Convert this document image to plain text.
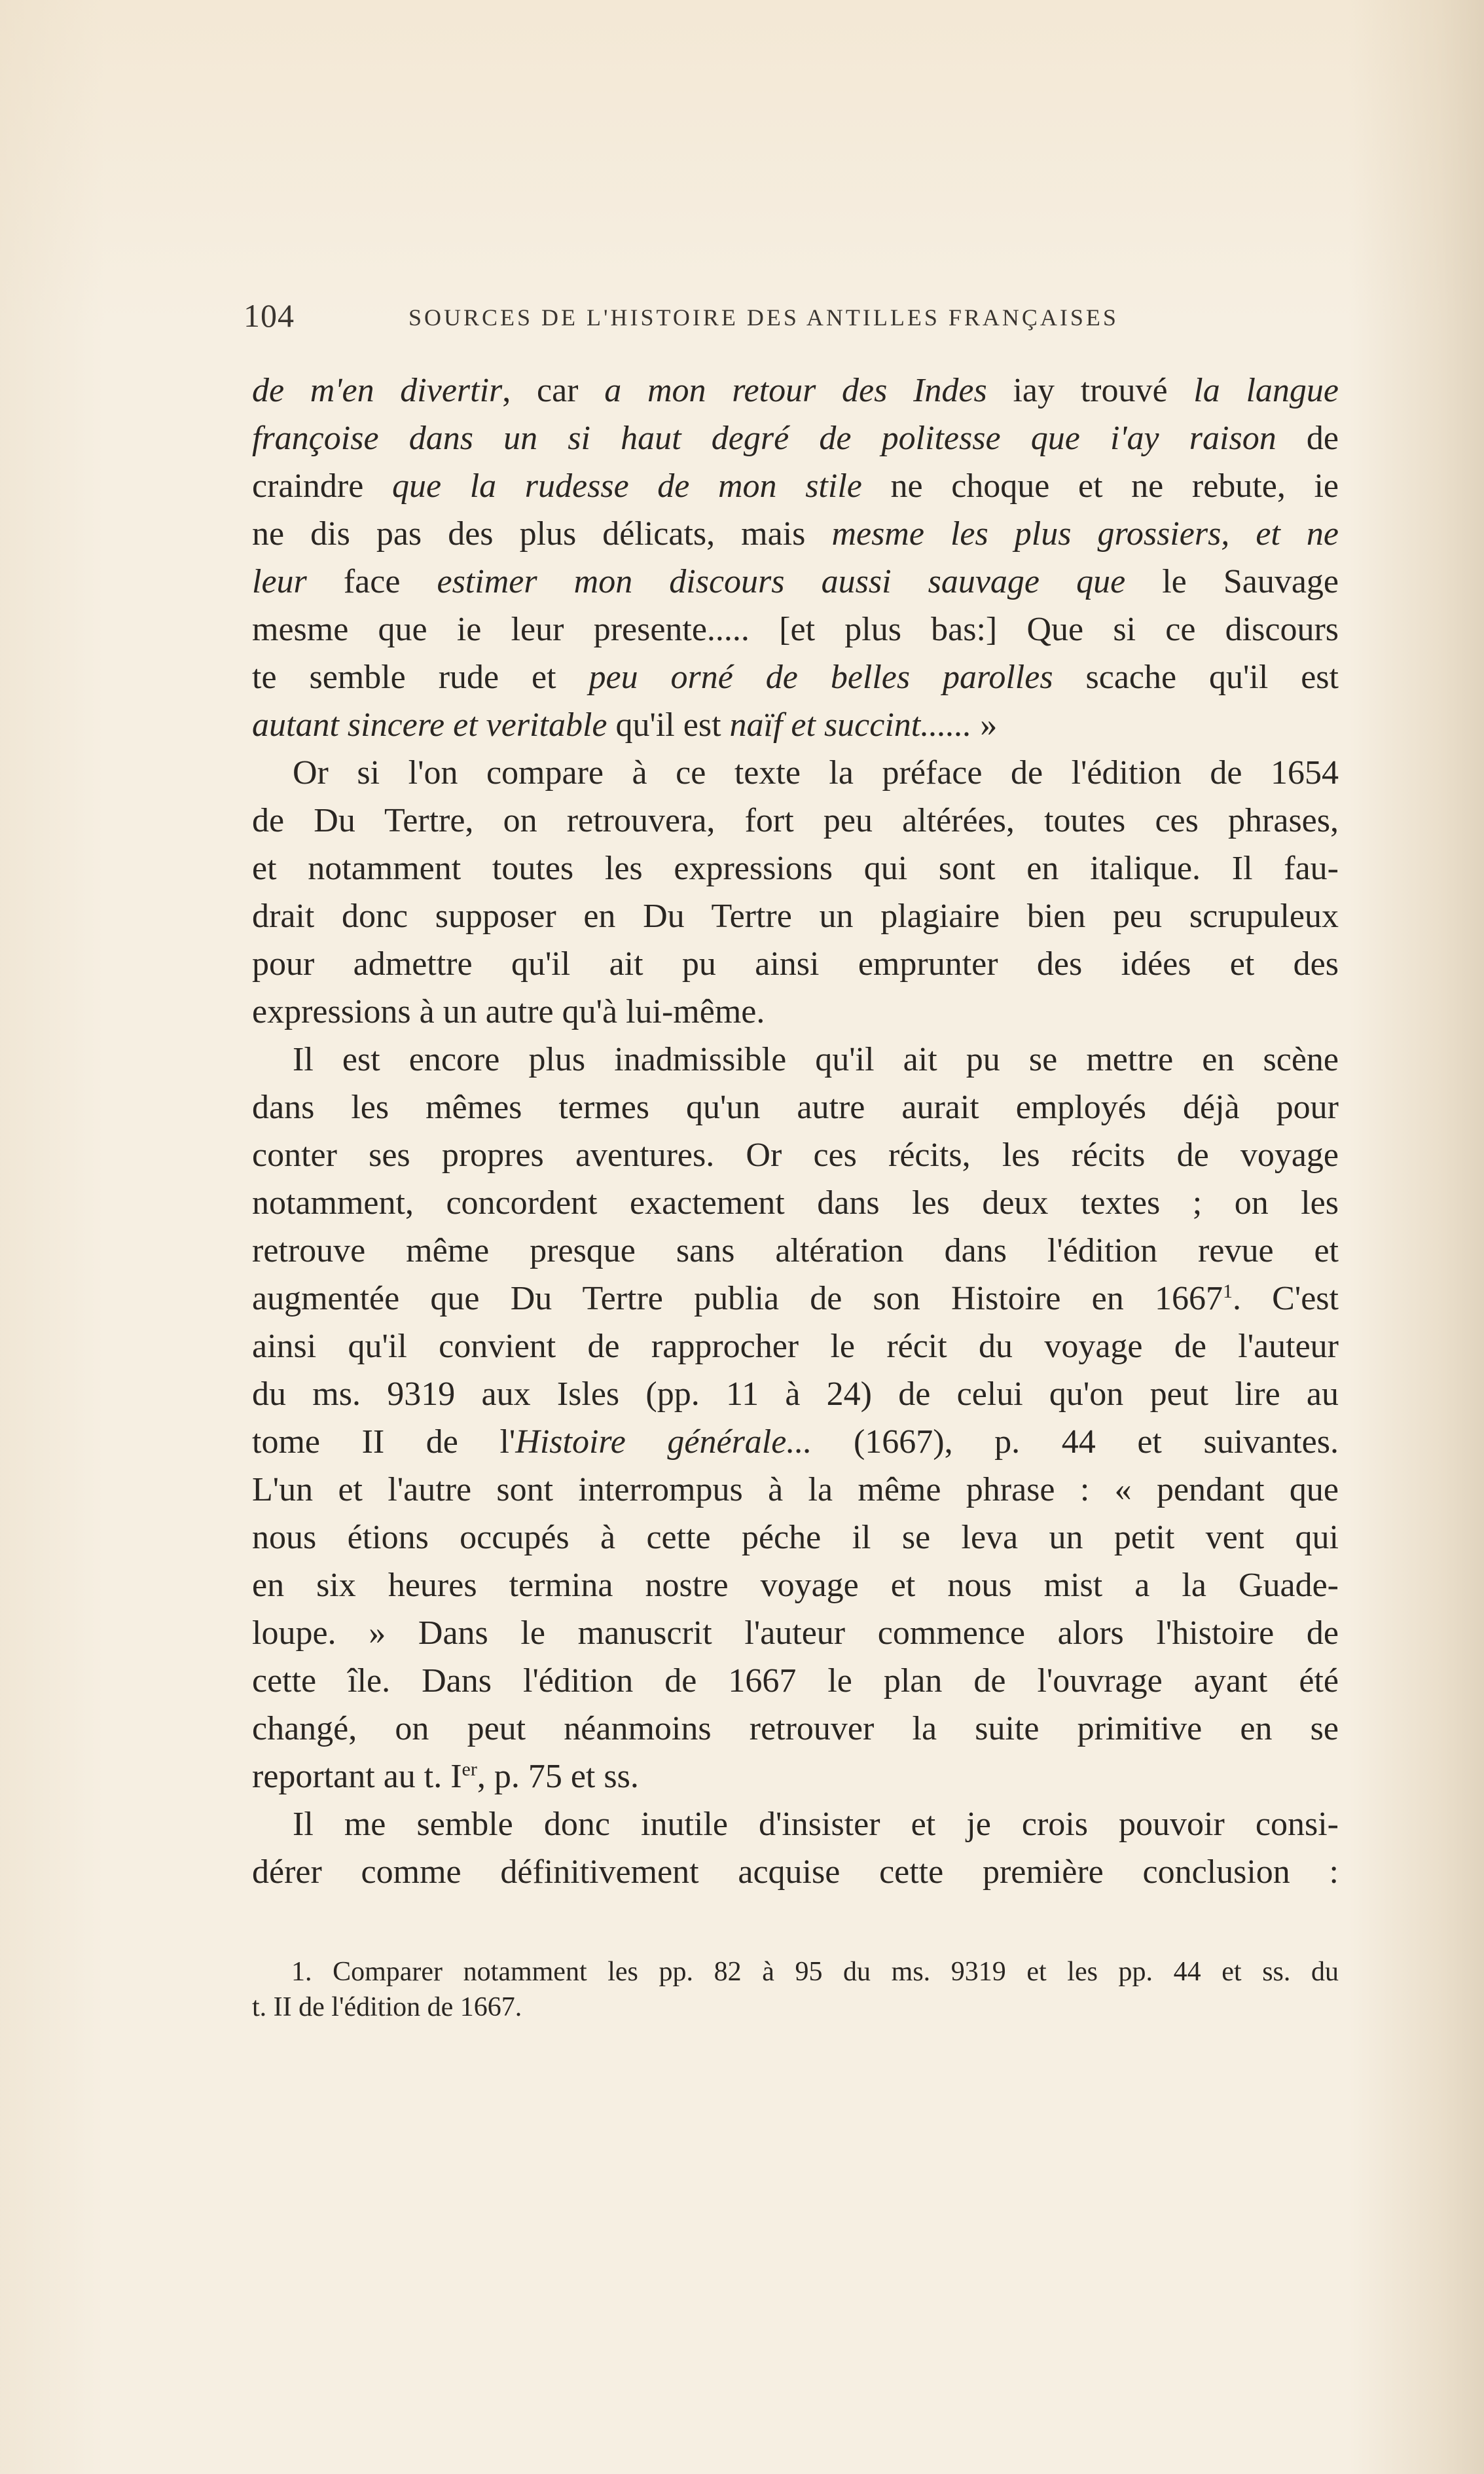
104	SOURCES DE L'HISTOIRE DES ANTILLES FRANÇAISES
de m'en divertir, car a mon retour des Indes iay trouvé la langue
françoise dans un si haut degré de politesse que i'ay raison de
craindre que la rudesse de mon stile ne choque et ne rebute, ie
ne dis pas des plus délicats, mais mesme les plus grossiers, et ne
leur face estimer mon discours aussi sauvage que le Sauvage
mesme que ie leur presente..... [et plus bas:] Que si ce discours
te semble rude et peu orné de belles parolles scache qu'il est
autant sincere et veritable qu'il est naïf et succint...... »
Or si l'on compare à ce texte la préface de l'édition de 1654
de Du Tertre, on retrouvera, fort peu altérées, toutes ces phrases,
et notamment toutes les expressions qui sont en italique. Il fau-
drait donc supposer en Du Tertre un plagiaire bien peu scrupuleux
pour admettre qu'il ait pu ainsi emprunter des idées et des
expressions à un autre qu'à lui-même.
Il est encore plus inadmissible qu'il ait pu se mettre en scène
dans les mêmes termes qu'un autre aurait employés déjà pour
conter ses propres aventures. Or ces récits, les récits de voyage
notamment, concordent exactement dans les deux textes ; on les
retrouve même presque sans altération dans l'édition revue et
augmentée que Du Tertre publia de son Histoire en 1667$^1$. C'est
ainsi qu'il convient de rapprocher le récit du voyage de l'auteur
du ms. 9319 aux Isles (pp. 11 à 24) de celui qu'on peut lire au
tome II de l'Histoire générale... (1667), p. 44 et suivantes.
L'un et l'autre sont interrompus à la même phrase : « pendant que
nous étions occupés à cette péche il se leva un petit vent qui
en six heures termina nostre voyage et nous mist a la Guade-
loupe. » Dans le manuscrit l'auteur commence alors l'histoire de
cette île. Dans l'édition de 1667 le plan de l'ouvrage ayant été
changé, on peut néanmoins retrouver la suite primitive en se
reportant au t. Ier, p. 75 et ss.
Il me semble donc inutile d'insister et je crois pouvoir consi-
dérer comme définitivement acquise cette première conclusion :
1. Comparer notamment les pp. 82 à 95 du ms. 9319 et les pp. 44 et ss. du
t. II de l'édition de 1667.
